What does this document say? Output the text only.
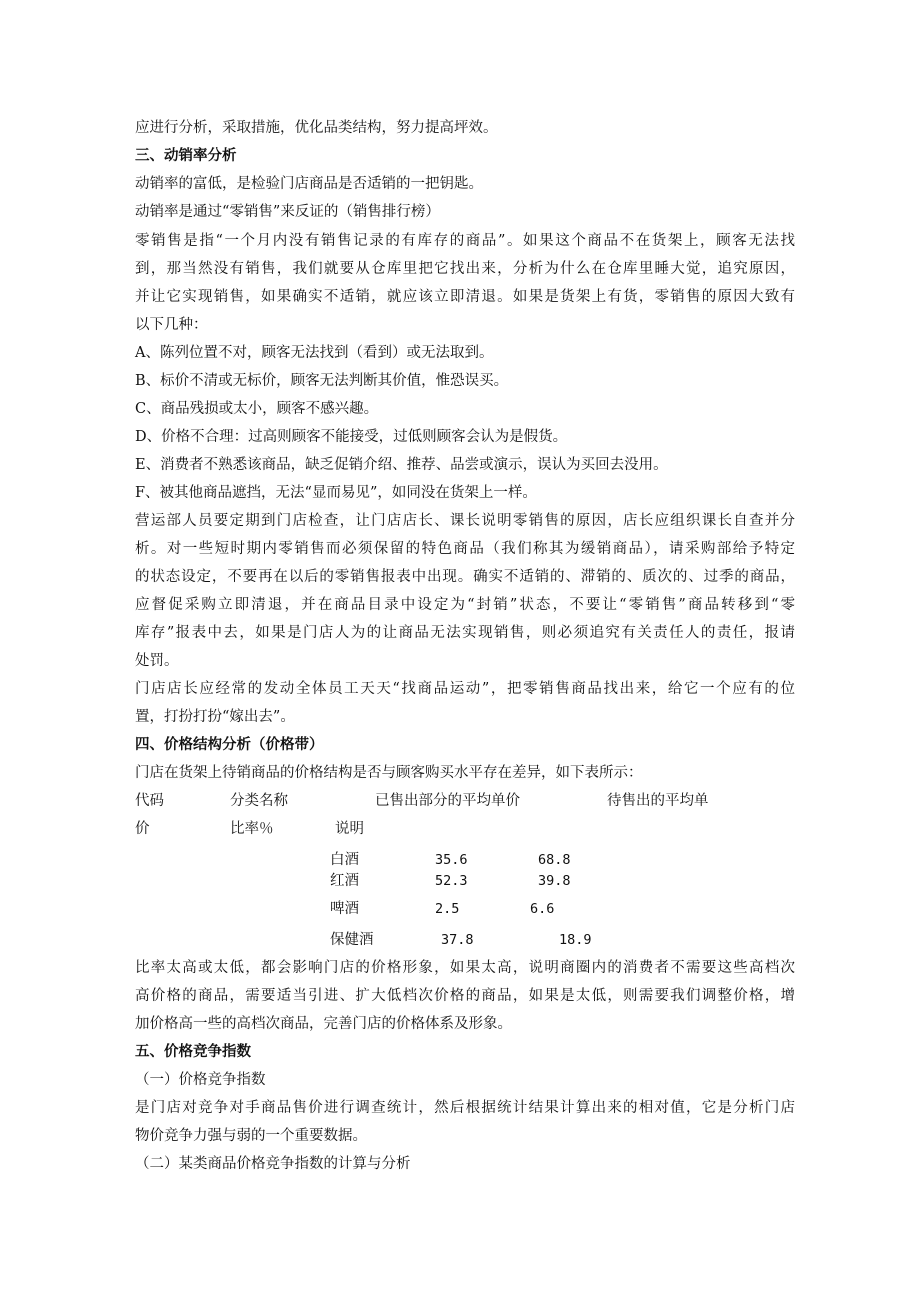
应进行分析，采取措施，优化品类结构，努力提高坪效。
三、动销率分析
动销率的富低，是检验门店商品是否适销的一把钥匙。
动销率是通过“零销售”来反证的（销售排行榜）
零销售是指“一个月内没有销售记录的有库存的商品”。如果这个商品不在货架上，顾客无法找
到，那当然没有销售，我们就要从仓库里把它找出来，分析为什么在仓库里睡大觉，追究原因，
并让它实现销售，如果确实不适销，就应该立即清退。如果是货架上有货，零销售的原因大致有
以下几种：
A、陈列位置不对，顾客无法找到（看到）或无法取到。
B、标价不清或无标价，顾客无法判断其价值，惟恐误买。
C、商品残损或太小，顾客不感兴趣。
D、价格不合理：过高则顾客不能接受，过低则顾客会认为是假货。
E、消费者不熟悉该商品，缺乏促销介绍、推荐、品尝或演示，误认为买回去没用。
F、被其他商品遮挡，无法“显而易见”，如同没在货架上一样。
营运部人员要定期到门店检查，让门店店长、课长说明零销售的原因，店长应组织课长自查并分
析。对一些短时期内零销售而必须保留的特色商品（我们称其为缓销商品），请采购部给予特定
的状态设定，不要再在以后的零销售报表中出现。确实不适销的、滞销的、质次的、过季的商品，
应督促采购立即清退，并在商品目录中设定为“封销”状态，不要让“零销售”商品转移到“零
库存”报表中去，如果是门店人为的让商品无法实现销售，则必须追究有关责任人的责任，报请
处罚。
门店店长应经常的发动全体员工天天“找商品运动”，把零销售商品找出来，给它一个应有的位
置，打扮打扮“嫁出去”。
四、价格结构分析（价格带）
门店在货架上待销商品的价格结构是否与顾客购买水平存在差异，如下表所示：
代码	分类名称	已售出部分的平均单价	待售出的平均单
价	比率％	说明
白酒	35.6	68.8
红酒	52.3	39.8
啤酒	2.5	6.6
保健酒	37.8	18.9
比率太高或太低，都会影响门店的价格形象，如果太高，说明商圈内的消费者不需要这些高档次
高价格的商品，需要适当引进、扩大低档次价格的商品，如果是太低，则需要我们调整价格，增
加价格高一些的高档次商品，完善门店的价格体系及形象。
五、价格竞争指数
（一）价格竞争指数
是门店对竞争对手商品售价进行调查统计，然后根据统计结果计算出来的相对值，它是分析门店
物价竞争力强与弱的一个重要数据。
（二）某类商品价格竞争指数的计算与分析
